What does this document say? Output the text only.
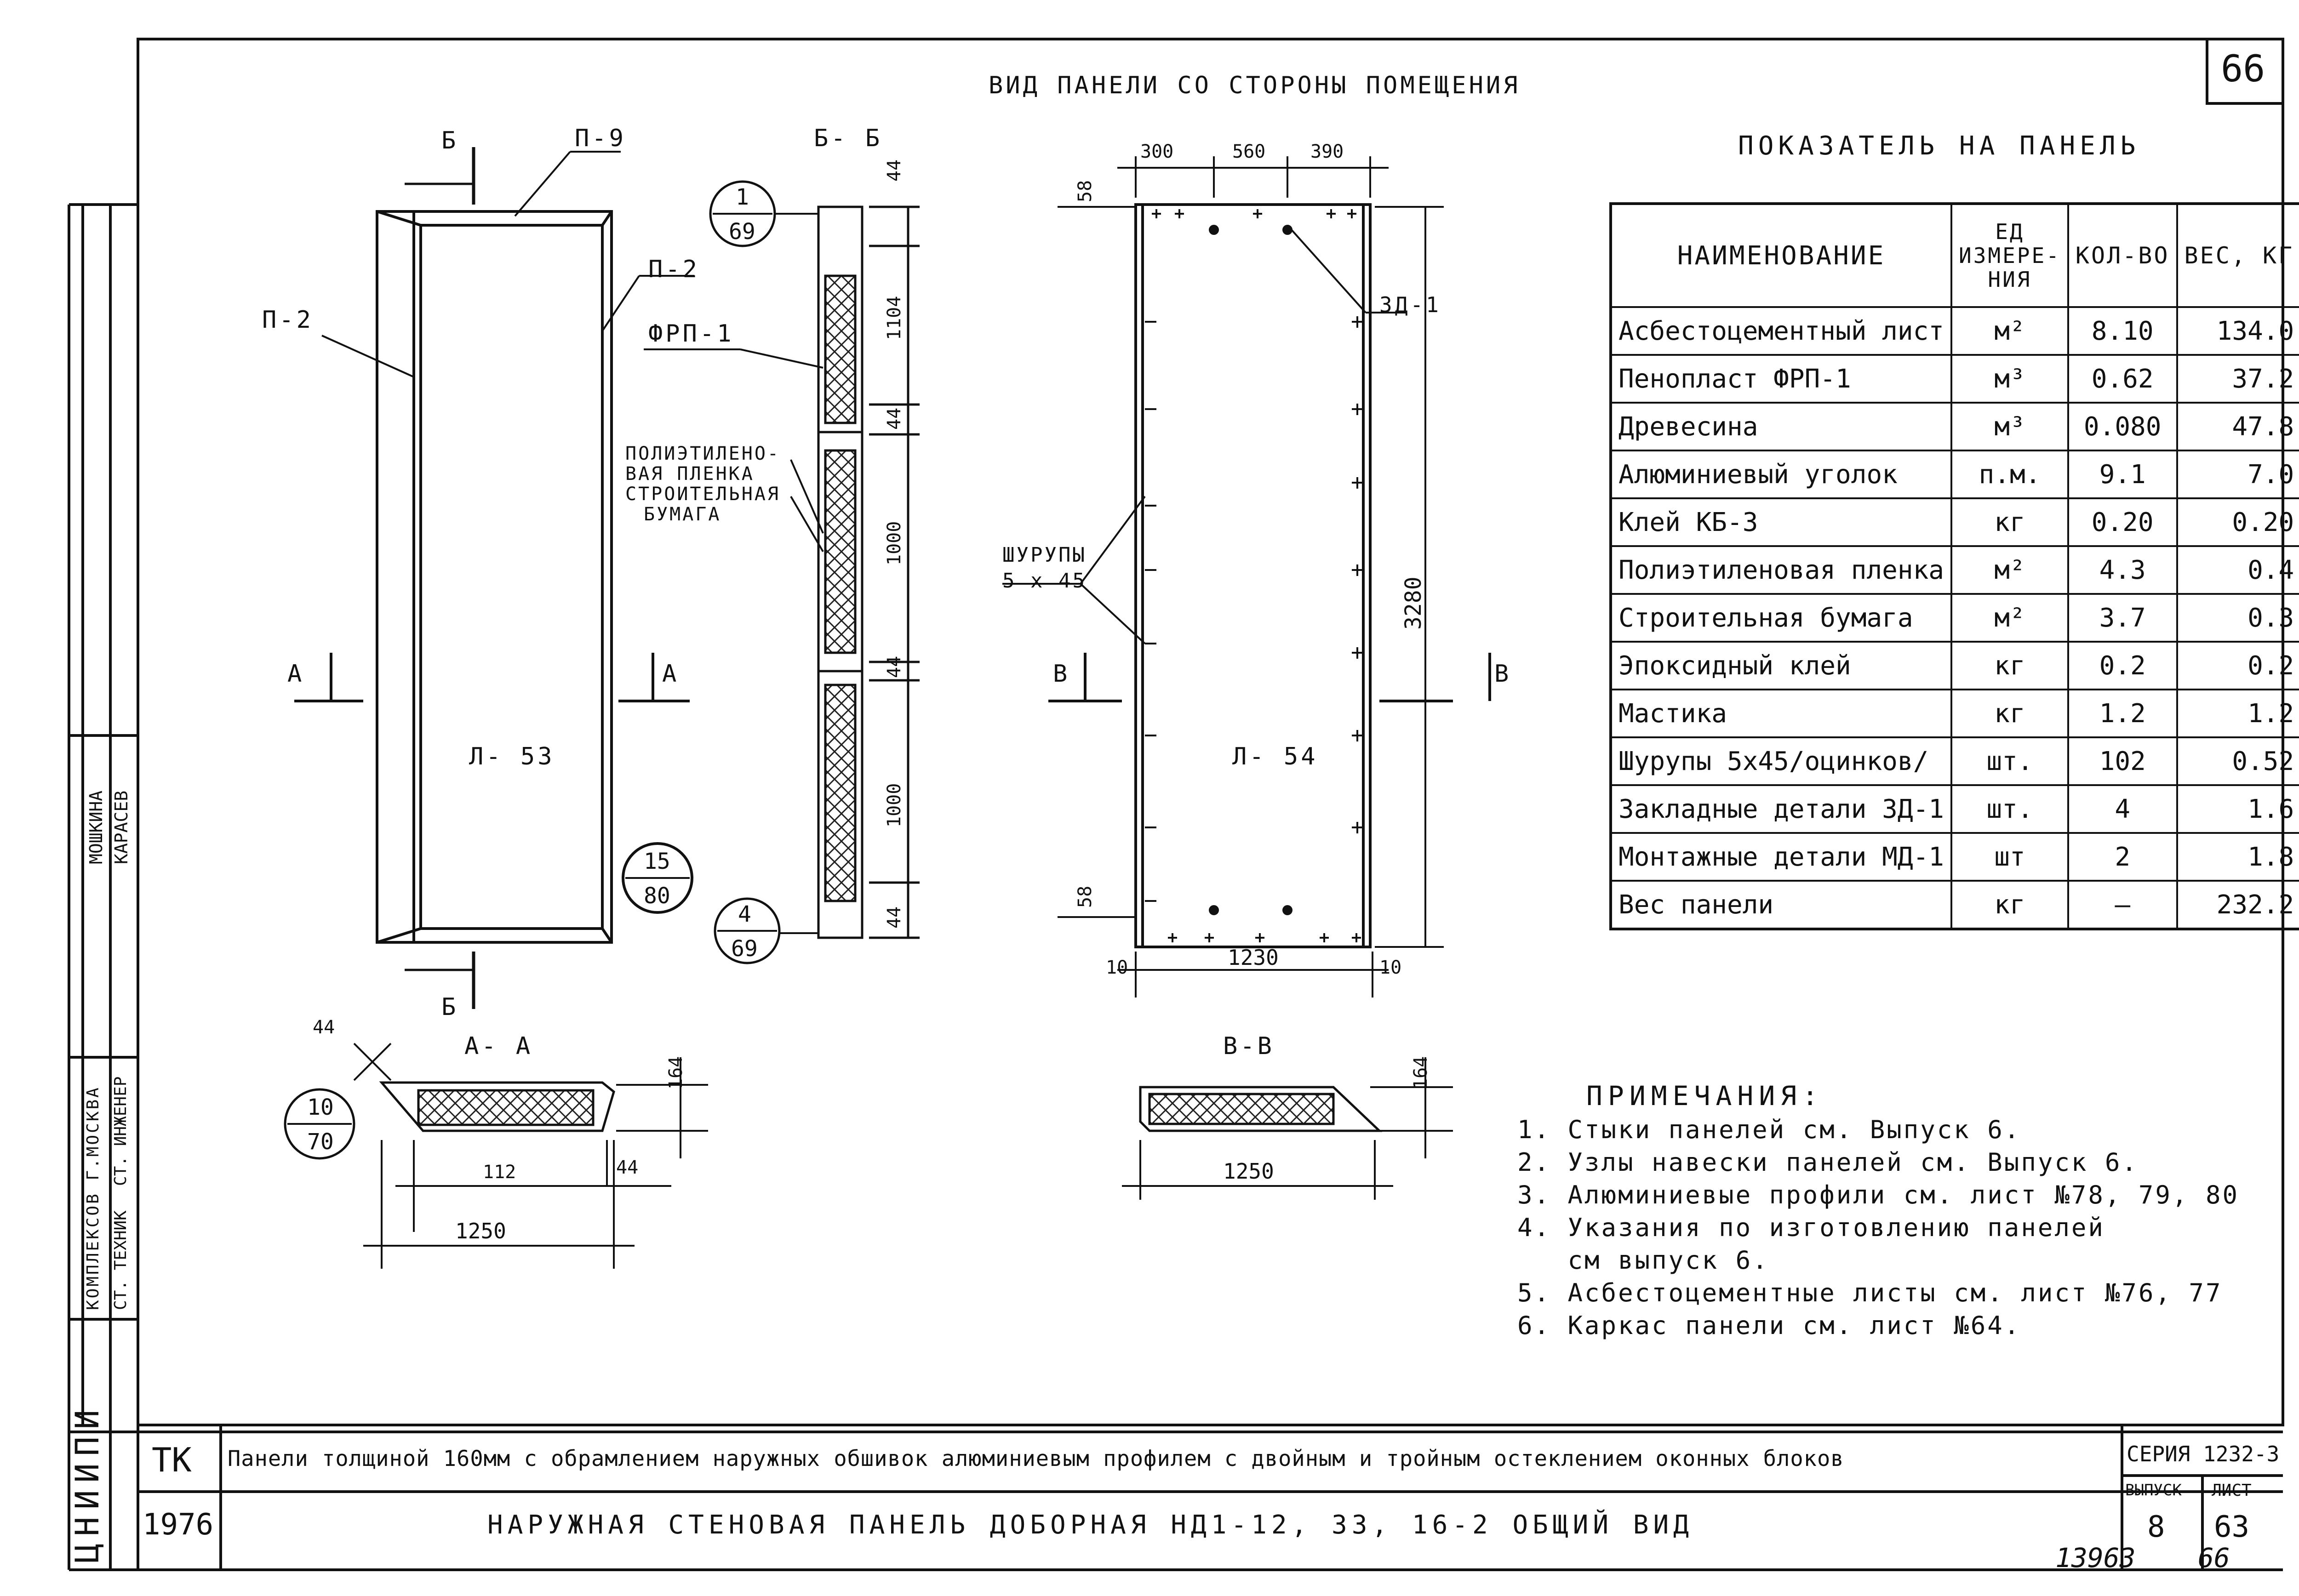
ВИД ПАНЕЛИ СО СТОРОНЫ ПОМЕЩЕНИЯ	66
Б
Б
П-9
П-2
П-2
А	А
Л- 53
15
80
Б- Б
1
69
4
69
ФРП-1
ПОЛИЭТИЛЕНО-
ВАЯ ПЛЕНКА
СТРОИТЕЛЬНАЯ
БУМАГА
44
1104
44
1000
44
1000
44
300	560 390
58
58
ЗД-1
ШУРУПЫ
5 х 45
В	В
Л- 54
3280
10	1230	10
А- А
44
164
112	44
1250
10
70
В-В
164
1250
ПОКАЗАТЕЛЬ НА ПАНЕЛЬ
НАИМЕНОВАНИЕ	ЕД ИЗМЕРЕ- НИЯ	КОЛ-ВО	ВЕС, КГ
Асбестоцементный лист	м²	8.10	134.0
Пенопласт ФРП-1	м³	0.62	37.2
Древесина	м³	0.080	47.8
Алюминиевый уголок	п.м.	9.1	7.0
Клей КБ-3	кг	0.20	0.20
Полиэтиленовая пленка	м²	4.3	0.4
Строительная бумага	м²	3.7	0.3
Эпоксидный клей	кг	0.2	0.2
Мастика	кг	1.2	1.2
Шурупы 5х45/оцинков/	шт.	102	0.52
Закладные детали ЗД-1	шт.	4	1.6
Монтажные детали МД-1	шт	2	1.8
Вес панели	кг	—	232.2
ПРИМЕЧАНИЯ:
1. Стыки панелей см. Выпуск 6.
2. Узлы навески панелей см. Выпуск 6.
3. Алюминиевые профили см. лист №78, 79, 80
4. Указания по изготовлению панелей
см выпуск 6.
5. Асбестоцементные листы см. лист №76, 77
6. Каркас панели см. лист №64.
ЦНИИПИ
КОМПЛЕКСОВ Г.МОСКВА СТ. ИНЖЕНЕР
СТ. ТЕХНИК
МОШКИНА КАРАСЕВ
ТК
1976
Панели толщиной 160мм с обрамлением наружных обшивок алюминиевым профилем с двойным и тройным остеклением оконных блоков
НАРУЖНАЯ СТЕНОВАЯ ПАНЕЛЬ ДОБОРНАЯ НД1-12, 33, 16-2 ОБЩИЙ ВИД
СЕРИЯ 1232-3
ВЫПУСК
8
ЛИСТ
63
13963 66
